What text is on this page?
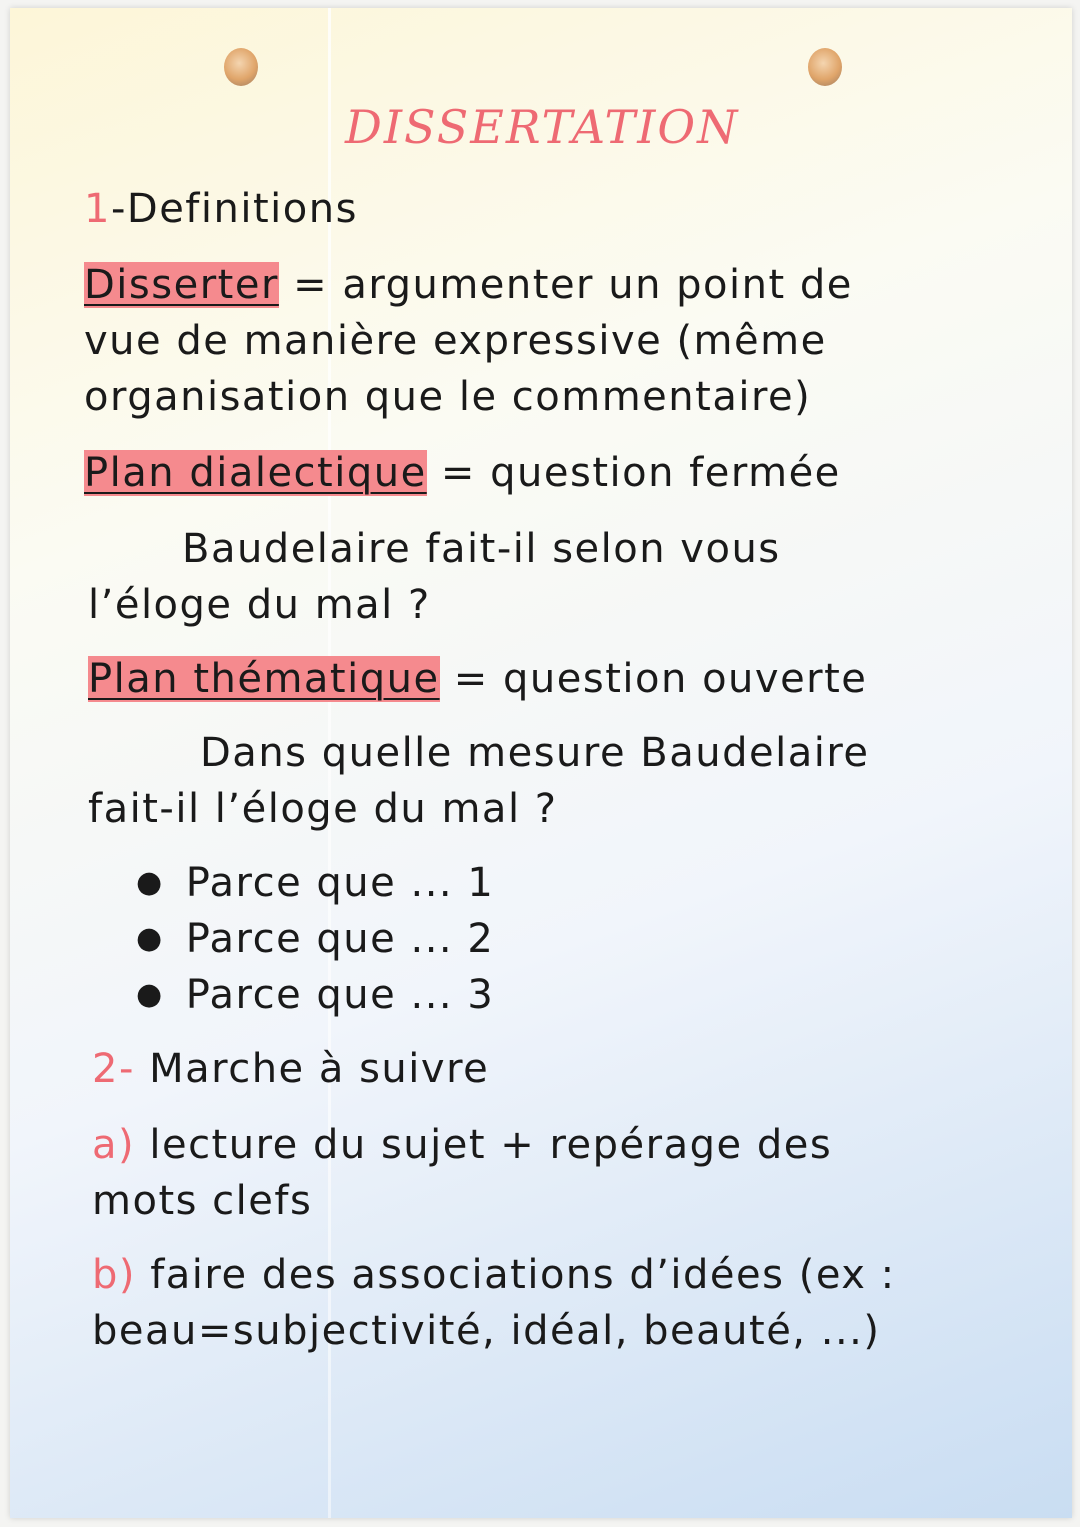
DISSERTATION
1-Definitions
Disserter = argumenter un point de
vue de manière expressive (même
organisation que le commentaire)
Plan dialectique = question fermée
Baudelaire fait-il selon vous
l’éloge du mal ?
Plan thématique = question ouverte
Dans quelle mesure Baudelaire
fait-il l’éloge du mal ?
● Parce que ... 1
● Parce que ... 2
● Parce que ... 3
2- Marche à suivre
a) lecture du sujet + repérage des
mots clefs
b) faire des associations d’idées (ex :
beau=subjectivité, idéal, beauté, ...)
